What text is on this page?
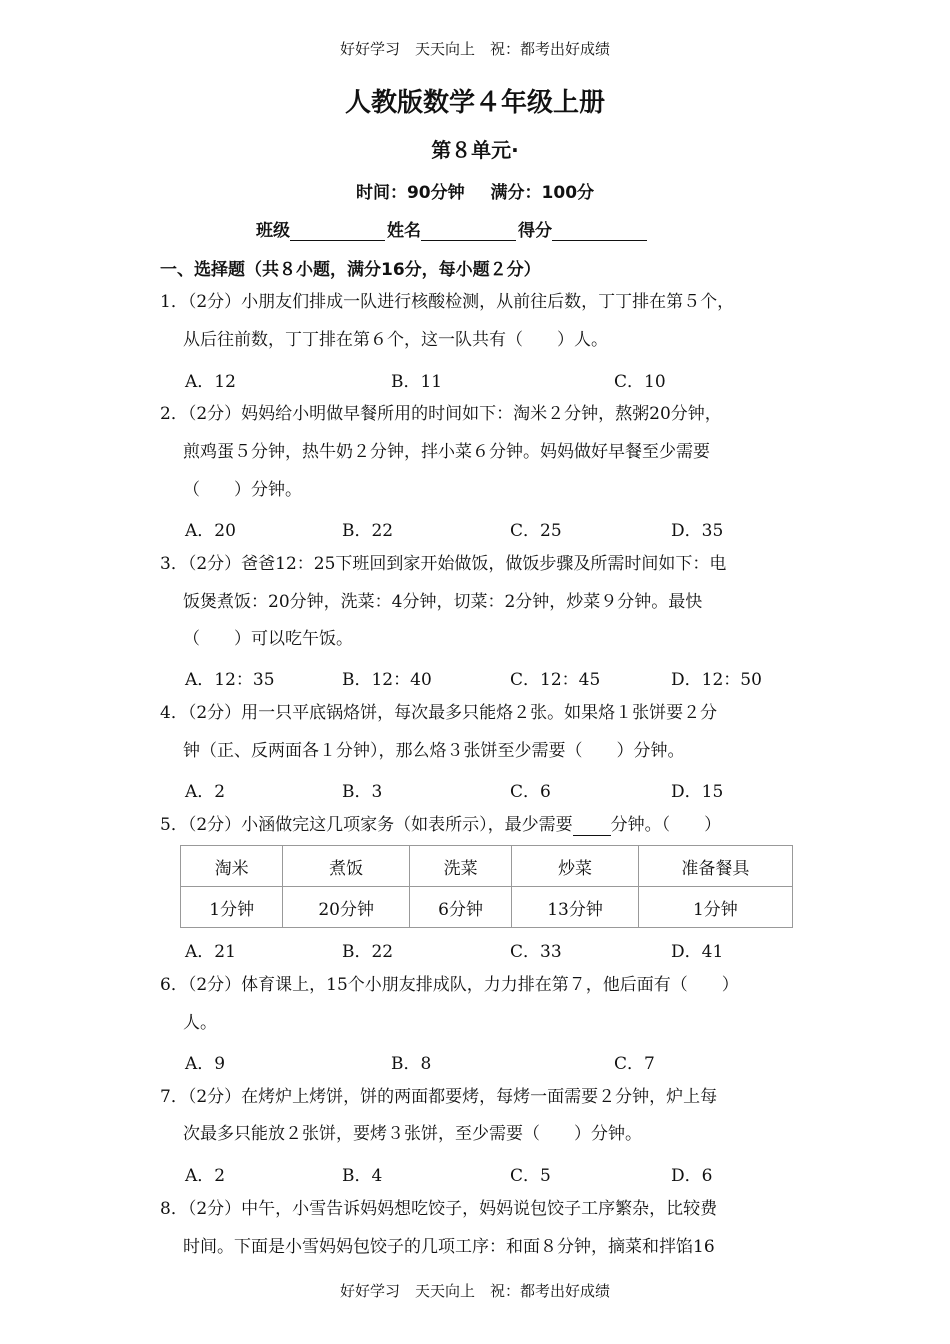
好好学习　天天向上　祝：都考出好成绩
人教版数学４年级上册
第８单元·
时间：90分钟 满分：100分
班级	姓名	得分
一、选择题（共８小题，满分16分，每小题２分）
1．（2分）小朋友们排成一队进行核酸检测，从前往后数，丁丁排在第５个，
从后往前数，丁丁排在第６个，这一队共有（　　）人。
A．12	B．11	C．10
2．（2分）妈妈给小明做早餐所用的时间如下：淘米２分钟，熬粥20分钟，
煎鸡蛋５分钟，热牛奶２分钟，拌小菜６分钟。妈妈做好早餐至少需要
（　　）分钟。
A．20	B．22	C．25	D．35
3．（2分）爸爸12：25下班回到家开始做饭，做饭步骤及所需时间如下：电
饭煲煮饭：20分钟，洗菜：4分钟，切菜：2分钟，炒菜９分钟。最快
（　　）可以吃午饭。
A．12：35	B．12：40	C．12：45	D．12：50
4．（2分）用一只平底锅烙饼，每次最多只能烙２张。如果烙１张饼要２分
钟（正、反两面各１分钟），那么烙３张饼至少需要（　　）分钟。
A．2	B．3	C．6	D．15
5．（2分）小涵做完这几项家务（如表所示），最少需要 分钟。（　　）
淘米	煮饭	洗菜	炒菜	准备餐具
1分钟	20分钟	6分钟	13分钟	1分钟
A．21	B．22	C．33	D．41
6．（2分）体育课上，15个小朋友排成队，力力排在第７，他后面有（　　）
人。
A．9	B．8	C．7
7．（2分）在烤炉上烤饼，饼的两面都要烤，每烤一面需要２分钟，炉上每
次最多只能放２张饼，要烤３张饼，至少需要（　　）分钟。
A．2	B．4	C．5	D．6
8．（2分）中午，小雪告诉妈妈想吃饺子，妈妈说包饺子工序繁杂，比较费
时间。下面是小雪妈妈包饺子的几项工序：和面８分钟，摘菜和拌馅16
好好学习　天天向上　祝：都考出好成绩
